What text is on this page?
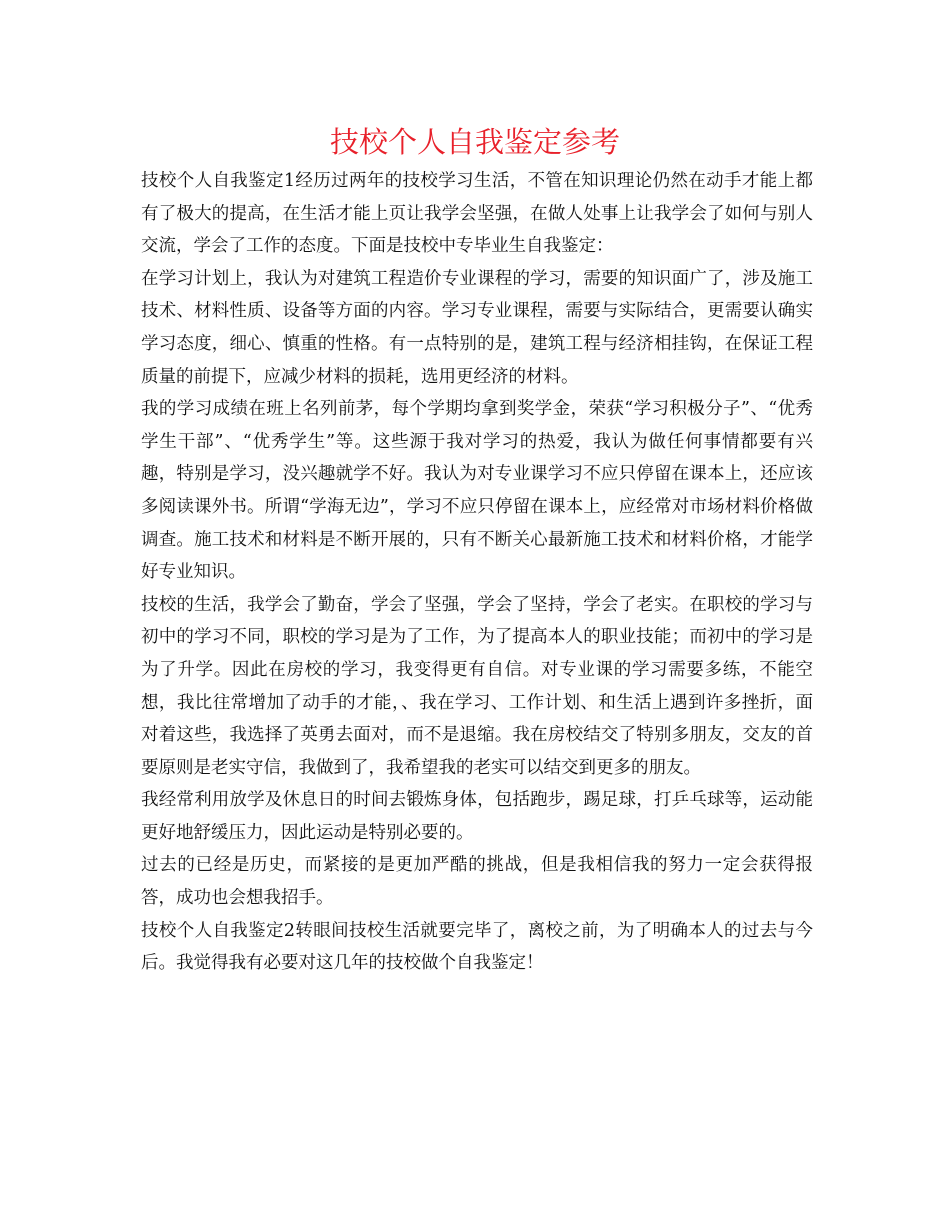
技校个人自我鉴定参考

技校个人自我鉴定1经历过两年的技校学习生活，不管在知识理论仍然在动手才能上都有了极大的提高，在生活才能上页让我学会坚强，在做人处事上让我学会了如何与别人交流，学会了工作的态度。下面是技校中专毕业生自我鉴定：

在学习计划上，我认为对建筑工程造价专业课程的学习，需要的知识面广了，涉及施工技术、材料性质、设备等方面的内容。学习专业课程，需要与实际结合，更需要认确实学习态度，细心、慎重的性格。有一点特别的是，建筑工程与经济相挂钩，在保证工程质量的前提下，应减少材料的损耗，选用更经济的材料。

我的学习成绩在班上名列前茅，每个学期均拿到奖学金，荣获“学习积极分子”、“优秀学生干部”、“优秀学生”等。这些源于我对学习的热爱，我认为做任何事情都要有兴趣，特别是学习，没兴趣就学不好。我认为对专业课学习不应只停留在课本上，还应该多阅读课外书。所谓“学海无边”，学习不应只停留在课本上，应经常对市场材料价格做调查。施工技术和材料是不断开展的，只有不断关心最新施工技术和材料价格，才能学好专业知识。

技校的生活，我学会了勤奋，学会了坚强，学会了坚持，学会了老实。在职校的学习与初中的学习不同，职校的学习是为了工作，为了提高本人的职业技能；而初中的学习是为了升学。因此在房校的学习，我变得更有自信。对专业课的学习需要多练，不能空想，我比往常增加了动手的才能，、我在学习、工作计划、和生活上遇到许多挫折，面对着这些，我选择了英勇去面对，而不是退缩。我在房校结交了特别多朋友，交友的首要原则是老实守信，我做到了，我希望我的老实可以结交到更多的朋友。

我经常利用放学及休息日的时间去锻炼身体，包括跑步，踢足球，打乒乓球等，运动能更好地舒缓压力，因此运动是特别必要的。

过去的已经是历史，而紧接的是更加严酷的挑战，但是我相信我的努力一定会获得报答，成功也会想我招手。

技校个人自我鉴定2转眼间技校生活就要完毕了，离校之前，为了明确本人的过去与今后。我觉得我有必要对这几年的技校做个自我鉴定！
